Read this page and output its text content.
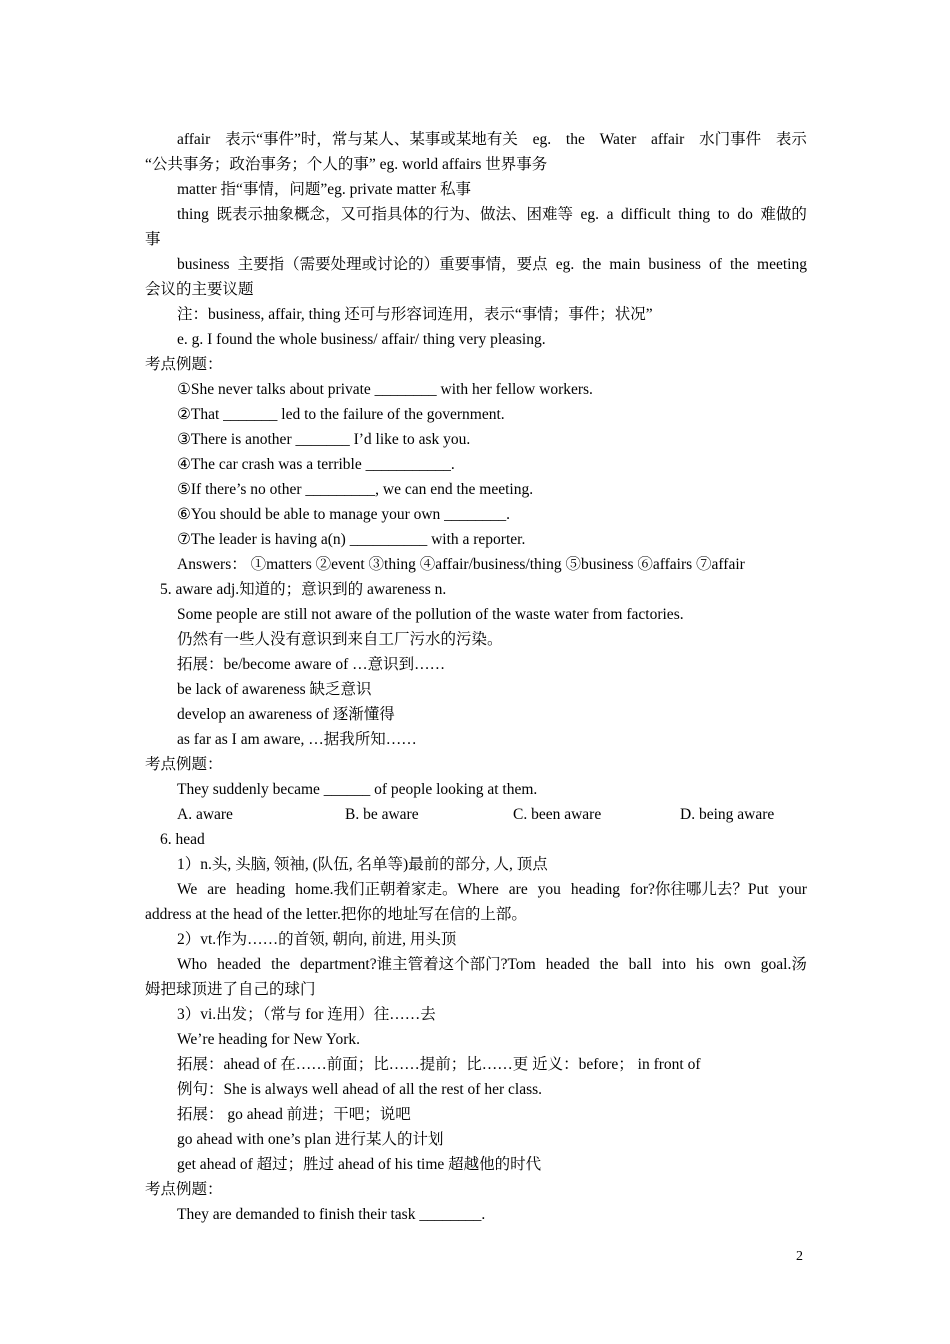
affair 表示“事件”时，常与某人、某事或某地有关 eg. the Water affair 水门事件 表示
“公共事务；政治事务；个人的事” eg. world affairs 世界事务
matter 指“事情，问题”eg. private matter 私事
thing 既表示抽象概念，又可指具体的行为、做法、困难等 eg. a difficult thing to do 难做的
事
business 主要指（需要处理或讨论的）重要事情，要点 eg. the main business of the meeting
会议的主要议题
注：business, affair, thing 还可与形容词连用，表示“事情；事件；状况”
e. g. I found the whole business/ affair/ thing very pleasing.
考点例题：
①She never talks about private ________ with her fellow workers.
②That _______ led to the failure of the government.
③There is another _______ I’d like to ask you.
④The car crash was a terrible ___________.
⑤If there’s no other _________, we can end the meeting.
⑥You should be able to manage your own ________.
⑦The leader is having a(n) __________ with a reporter.
Answers： ①matters ②event ③thing ④affair/business/thing ⑤business ⑥affairs ⑦affair
5. aware adj.知道的；意识到的 awareness n.
Some people are still not aware of the pollution of the waste water from factories.
仍然有一些人没有意识到来自工厂污水的污染。
拓展：be/become aware of …意识到……
be lack of awareness 缺乏意识
develop an awareness of 逐渐懂得
as far as I am aware, …据我所知……
考点例题：
They suddenly became ______ of people looking at them.
A. aware	B. be aware	C. been aware	D. being aware
6. head
1）n.头, 头脑, 领袖, (队伍, 名单等)最前的部分, 人, 顶点
We are heading home.我们正朝着家走。Where are you heading for?你往哪儿去？Put your
address at the head of the letter.把你的地址写在信的上部。
2）vt.作为……的首领, 朝向, 前进, 用头顶
Who headed the department?谁主管着这个部门?Tom headed the ball into his own goal.汤
姆把球顶进了自己的球门
3）vi.出发；（常与 for 连用）往……去
We’re heading for New York.
拓展：ahead of 在……前面；比……提前；比……更 近义：before； in front of
例句：She is always well ahead of all the rest of her class.
拓展： go ahead 前进；干吧；说吧
go ahead with one’s plan 进行某人的计划
get ahead of 超过；胜过 ahead of his time 超越他的时代
考点例题：
They are demanded to finish their task ________.
2
